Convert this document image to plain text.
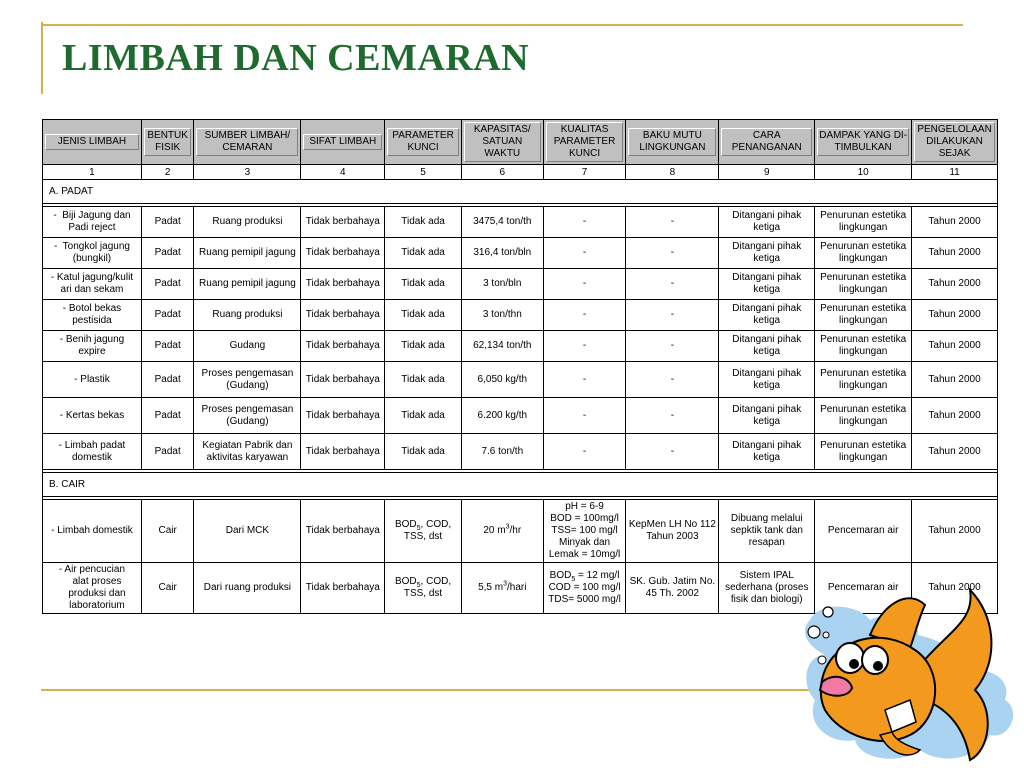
LIMBAH DAN CEMARAN
JENIS LIMBAH	BENTUK FISIK	SUMBER LIMBAH/ CEMARAN	SIFAT LIMBAH	PARAMETER KUNCI	KAPASITAS/ SATUAN WAKTU	KUALITAS PARAMETER KUNCI	BAKU MUTU LINGKUNGAN	CARA PENANGANAN	DAMPAK YANG DI-TIMBULKAN	PENGELOLAAN DILAKUKAN SEJAK

1	2	3	4	5	6	7	8	9	10	11
A. PADAT										

-  Biji Jagung dan Padi reject	Padat	Ruang produksi	Tidak berbahaya	Tidak ada	3475,4 ton/th	-	-	Ditangani pihak ketiga	Penurunan estetika lingkungan	Tahun 2000
-  Tongkol jagung (bungkil)	Padat	Ruang pemipil jagung	Tidak berbahaya	Tidak ada	316,4 ton/bln	-	-	Ditangani pihak ketiga	Penurunan estetika lingkungan	Tahun 2000
- Katul jagung/kulit ari dan sekam	Padat	Ruang pemipil jagung	Tidak berbahaya	Tidak ada	3 ton/bln	-	-	Ditangani pihak ketiga	Penurunan estetika lingkungan	Tahun 2000
- Botol bekas pestisida	Padat	Ruang produksi	Tidak berbahaya	Tidak ada	3 ton/thn	-	-	Ditangani pihak ketiga	Penurunan estetika lingkungan	Tahun 2000
- Benih jagung expire	Padat	Gudang	Tidak berbahaya	Tidak ada	62,134 ton/th	-	-	Ditangani pihak ketiga	Penurunan estetika lingkungan	Tahun 2000
- Plastik	Padat	Proses pengemasan (Gudang)	Tidak berbahaya	Tidak ada	6,050 kg/th	-	-	Ditangani pihak ketiga	Penurunan estetika lingkungan	Tahun 2000
- Kertas bekas	Padat	Proses pengemasan (Gudang)	Tidak berbahaya	Tidak ada	6.200 kg/th	-	-	Ditangani pihak ketiga	Penurunan estetika lingkungan	Tahun 2000
- Limbah padat domestik	Padat	Kegiatan Pabrik dan aktivitas karyawan	Tidak berbahaya	Tidak ada	7.6 ton/th	-	-	Ditangani pihak ketiga	Penurunan estetika lingkungan	Tahun 2000

B. CAIR										

- Limbah domestik	Cair	Dari MCK	Tidak berbahaya	$BOD_5$, COD, TSS, dst	20 $m^3/hr$	pH = 6-9
BOD = 100mg/l
TSS= 100 mg/l
Minyak dan
Lemak = 10mg/l	KepMen LH No 112 Tahun 2003	Dibuang melalui sepktik tank dan resapan	Pencemaran air	Tahun 2000
- Air pencucian
alat proses
produksi dan
laboratorium	Cair	Dari ruang produksi	Tidak berbahaya	$BOD_5$, COD, TSS, dst	5,5 $m^3$/hari	$BOD_5 = 12$ mg/l
COD = 100 mg/l
TDS= 5000 mg/l	SK. Gub. Jatim No. 45 Th. 2002	Sistem IPAL sederhana (proses fisik dan biologi)	Pencemaran air	Tahun 2000
